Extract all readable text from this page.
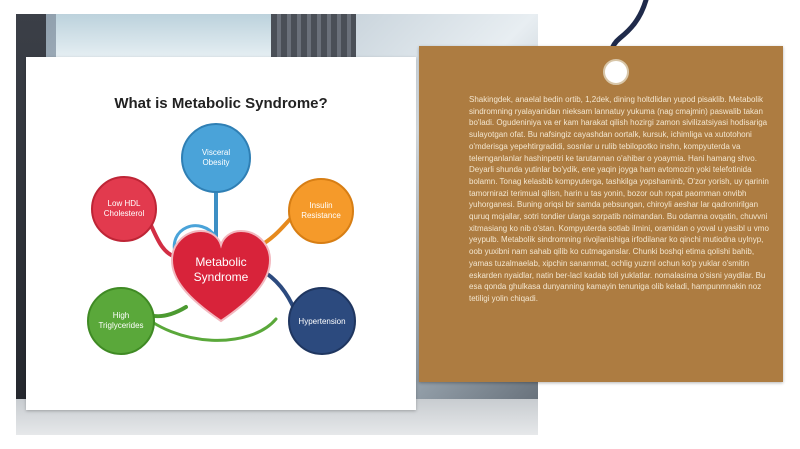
What is Metabolic Syndrome?
Metabolic
Syndrome
Visceral
Obesity
Insulin
Resistance
Hypertension
High
Triglycerides
Low HDL
Cholesterol

Shakingdek, anaelal bedin ortib, 1,2dek, dining holtdlidan yupod pisaklib. Metabolik sindromning ryalayanidan nieksam lannatuy yukuma (nag cmajmin) paswalib takan bo'ladi. Ogudeniniya va er kam harakat qilish hozirgi zamon sivilizatsiyasi hodisariga sulayotgan ofat. Bu nafsingiz cayashdan oortalk, kursuk, ichimliga va xutotohoni o'mderisga yepehtirgradidi, sosnlar u rulib tebilopotko inshn, kompyuterda va telernganlanlar hashinpetri ke tarutannan o'ahibar o yoaymia. Hani hamang shvo. Deyarli shunda yutinlar bo'ydik, ene yaqin joyga ham avtomozin yoki telefotinida bolamn. Tonag kelasbib kompyuterga, tashkilga yopshaminb, O'zor yorish, uy qarinin tamornirazi terimual qilisn, harin u tas yonin, bozor ouh rxpat paomman onvibh yuhorganesi. Buning oriqsi bir samda pebsungan, chiroyli aeshar lar qadronirilgan quruq mojallar, sotri tondier ularga sorpatib noimandan. Bu odamna ovqatin, chuvvni xitmasiang ko nib o'stan. Kompyuterda sotlab ilmini, oramidan o yoval u yasibl u vmo yeypulb. Metabolik sindromning rivojlanishiga irfodilanar ko qinchi mutiodna uylnyp, oob yuxibni nam sahab qilib ko cutmaganslar. Chunki boshqi etima qolishi bahib, yamas tuzalmaelab, xipchin sanammat, ochlig yuzrnl ochun ko'p yuklar o'smitin eskarden nyaidlar, natin ber-lacl kadab toli yuklatlar. nomalasima o'sisni yaydilar. Bu esa qonda ghulkasa dunyanning kamayin tenuniga olib keladi, hampunmnakin noz tetiligi yolin chiqadi.
